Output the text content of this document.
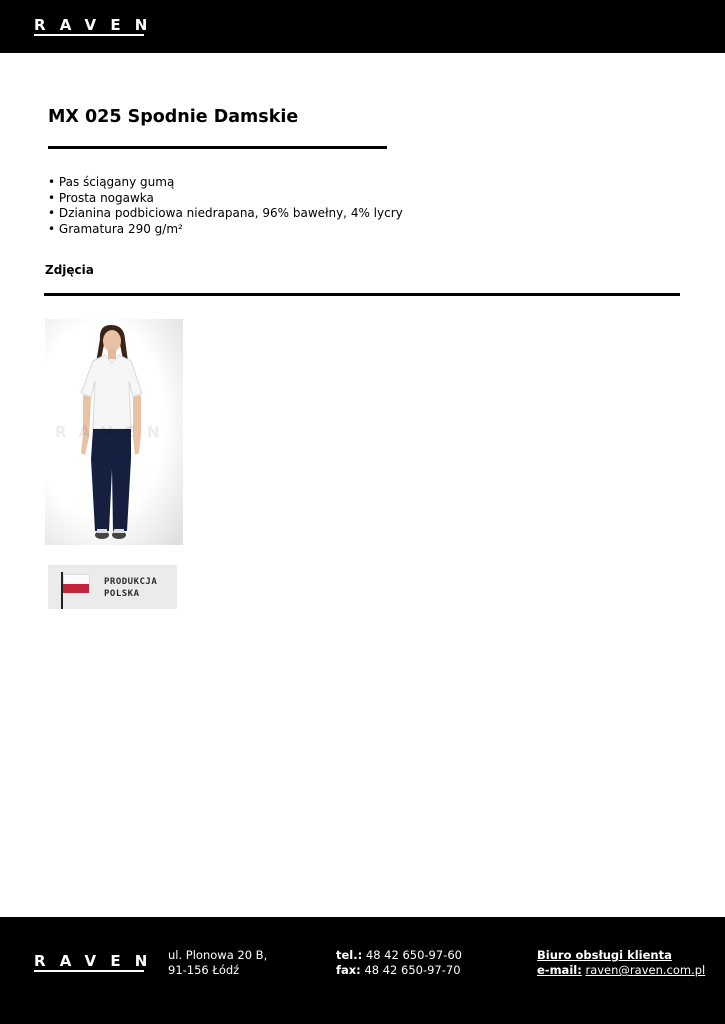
RAVEN
MX 025 Spodnie Damskie
• Pas ściągany gumą
• Prosta nogawka
• Dzianina podbiciowa niedrapana, 96% bawełny, 4% lycry
• Gramatura 290 g/m²
Zdjęcia
RAVEN
PRODUKCJA
POLSKA
RAVEN ul. Plonowa 20 B,
91-156 Łódź
tel.: 48 42 650-97-60
fax: 48 42 650-97-70
Biuro obsługi klienta
e-mail: raven@raven.com.pl
